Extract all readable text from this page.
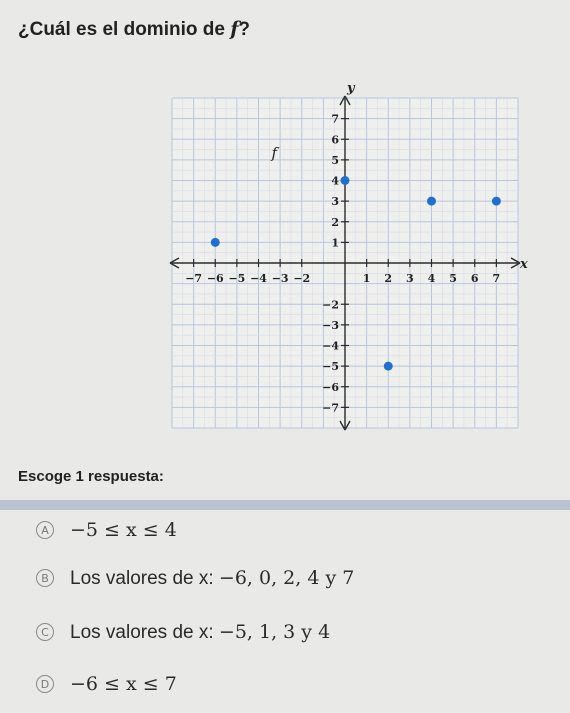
¿Cuál es el dominio de f?
y
x
−7 −6 −5 −4 −3 −2	1 2 3 4 5 6 7
7
6
5
4
3
2
1
−2
−3
−4
−5
−6
−7
f
Escoge 1 respuesta:
A −5 ≤ x ≤ 4
B Los valores de x: −6, 0, 2, 4 y 7
C Los valores de x: −5, 1, 3 y 4
D −6 ≤ x ≤ 7
